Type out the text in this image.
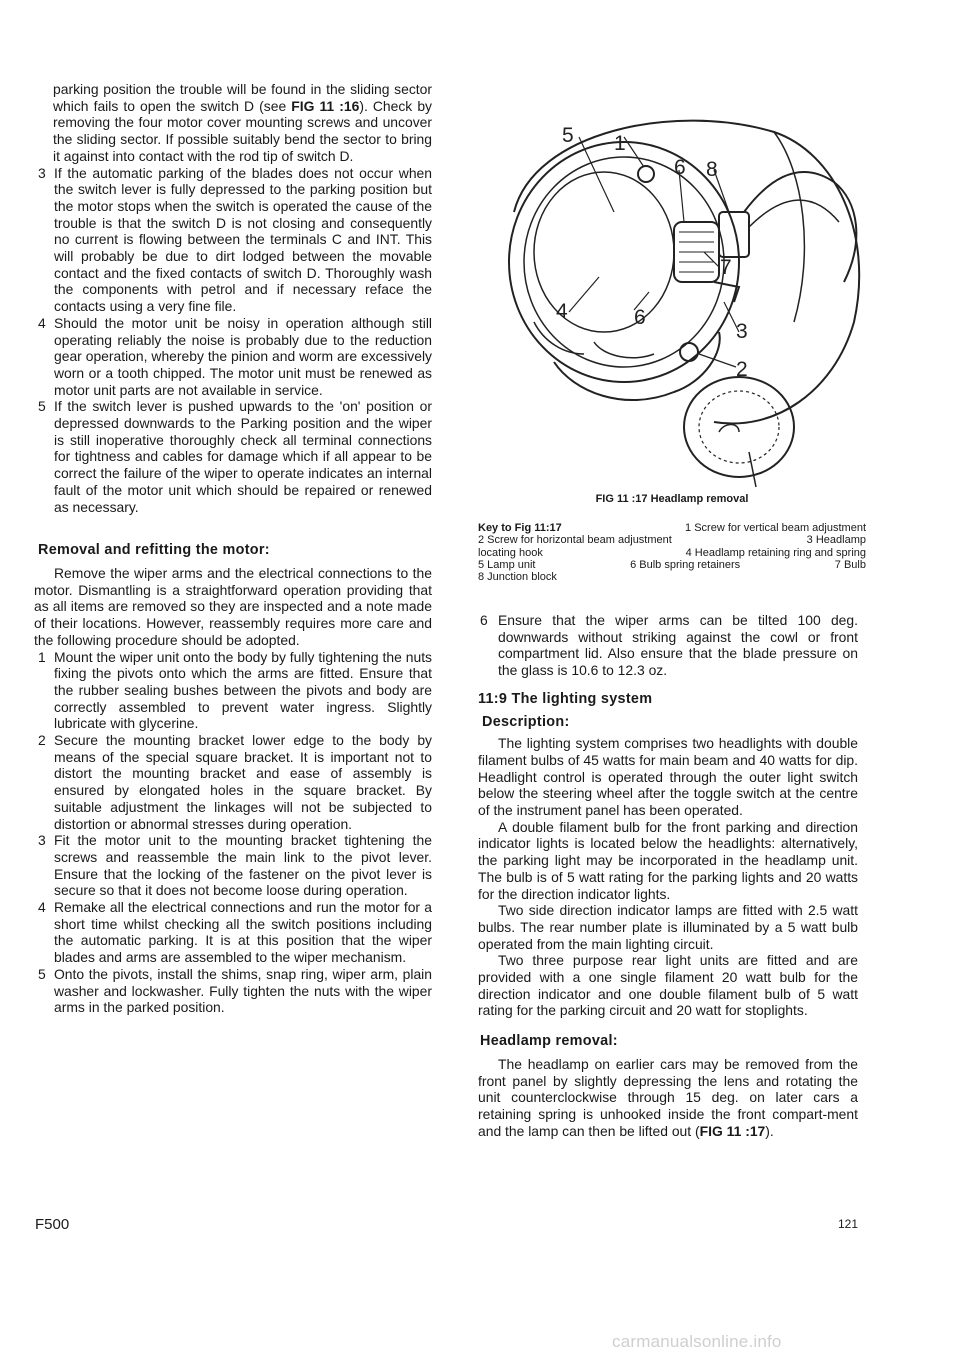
parking position the trouble will be found in the sliding sector which fails to open the switch D (see FIG 11 :16). Check by removing the four motor cover mounting screws and uncover the sliding sector. If possible suitably bend the sector to bring it against into contact with the rod tip of switch D.

3 If the automatic parking of the blades does not occur when the switch lever is fully depressed to the parking position but the motor stops when the switch is operated the cause of the trouble is that the switch D is not closing and consequently no current is flowing between the terminals C and INT. This will probably be due to dirt lodged between the movable contact and the fixed contacts of switch D. Thoroughly wash the components with petrol and if necessary reface the contacts using a very fine file.
4 Should the motor unit be noisy in operation although still operating reliably the noise is probably due to the reduction gear operation, whereby the pinion and worm are excessively worn or a tooth chipped. The motor unit must be renewed as motor unit parts are not available in service.
5 If the switch lever is pushed upwards to the 'on' position or depressed downwards to the Parking position and the wiper is still inoperative thoroughly check all terminal connections for tightness and cables for damage which if all appear to be correct the failure of the wiper to operate indicates an internal fault of the motor unit which should be repaired or renewed as necessary.
Removal and refitting the motor:

Remove the wiper arms and the electrical connections to the motor. Dismantling is a straightforward operation providing that as all items are removed so they are inspected and a note made of their locations. However, reassembly requires more care and the following procedure should be adopted.

1 Mount the wiper unit onto the body by fully tightening the nuts fixing the pivots onto which the arms are fitted. Ensure that the rubber sealing bushes between the pivots and body are correctly assembled to prevent water ingress. Slightly lubricate with glycerine.
2 Secure the mounting bracket lower edge to the body by means of the special square bracket. It is important not to distort the mounting bracket and ease of assembly is ensured by elongated holes in the square bracket. By suitable adjustment the linkages will not be subjected to distortion or abnormal stresses during operation.
3 Fit the motor unit to the mounting bracket tightening the screws and reassemble the main link to the pivot lever. Ensure that the locking of the fastener on the pivot lever is secure so that it does not become loose during operation.
4 Remake all the electrical connections and run the motor for a short time whilst checking all the switch positions including the automatic parking. It is at this position that the wiper blades and arms are assembled to the wiper mechanism.
5 Onto the pivots, install the shims, snap ring, wiper arm, plain washer and lockwasher. Fully tighten the nuts with the wiper arms in the parked position.
5 1
6 8
7
4	6
3
2
FIG 11 :17 Headlamp removal
Key to Fig 11:17	1 Screw for vertical beam adjustment
2 Screw for horizontal beam adjustment	3 Headlamp
locating hook	4 Headlamp retaining ring and spring
5 Lamp unit	6 Bulb spring retainers	7 Bulb
8 Junction block
6 Ensure that the wiper arms can be tilted 100 deg. downwards without striking against the cowl or front compartment lid. Also ensure that the blade pressure on the glass is 10.6 to 12.3 oz.
11:9 The lighting system
Description:

The lighting system comprises two headlights with double filament bulbs of 45 watts for main beam and 40 watts for dip. Headlight control is operated through the outer light switch below the steering wheel after the toggle switch at the centre of the instrument panel has been operated.

A double filament bulb for the front parking and direction indicator lights is located below the headlights: alternatively, the parking light may be incorporated in the headlamp unit. The bulb is of 5 watt rating for the parking lights and 20 watts for the direction indicator lights.

Two side direction indicator lamps are fitted with 2.5 watt bulbs. The rear number plate is illuminated by a 5 watt bulb operated from the main lighting circuit.

Two three purpose rear light units are fitted and are provided with a one single filament 20 watt bulb for the direction indicator and one double filament bulb of 5 watt rating for the parking circuit and 20 watt for stoplights.

Headlamp removal:

The headlamp on earlier cars may be removed from the front panel by slightly depressing the lens and rotating the unit counterclockwise through 15 deg. on later cars a retaining spring is unhooked inside the front compart-ment and the lamp can then be lifted out (FIG 11 :17).

F500	121
carmanualsonline.info
